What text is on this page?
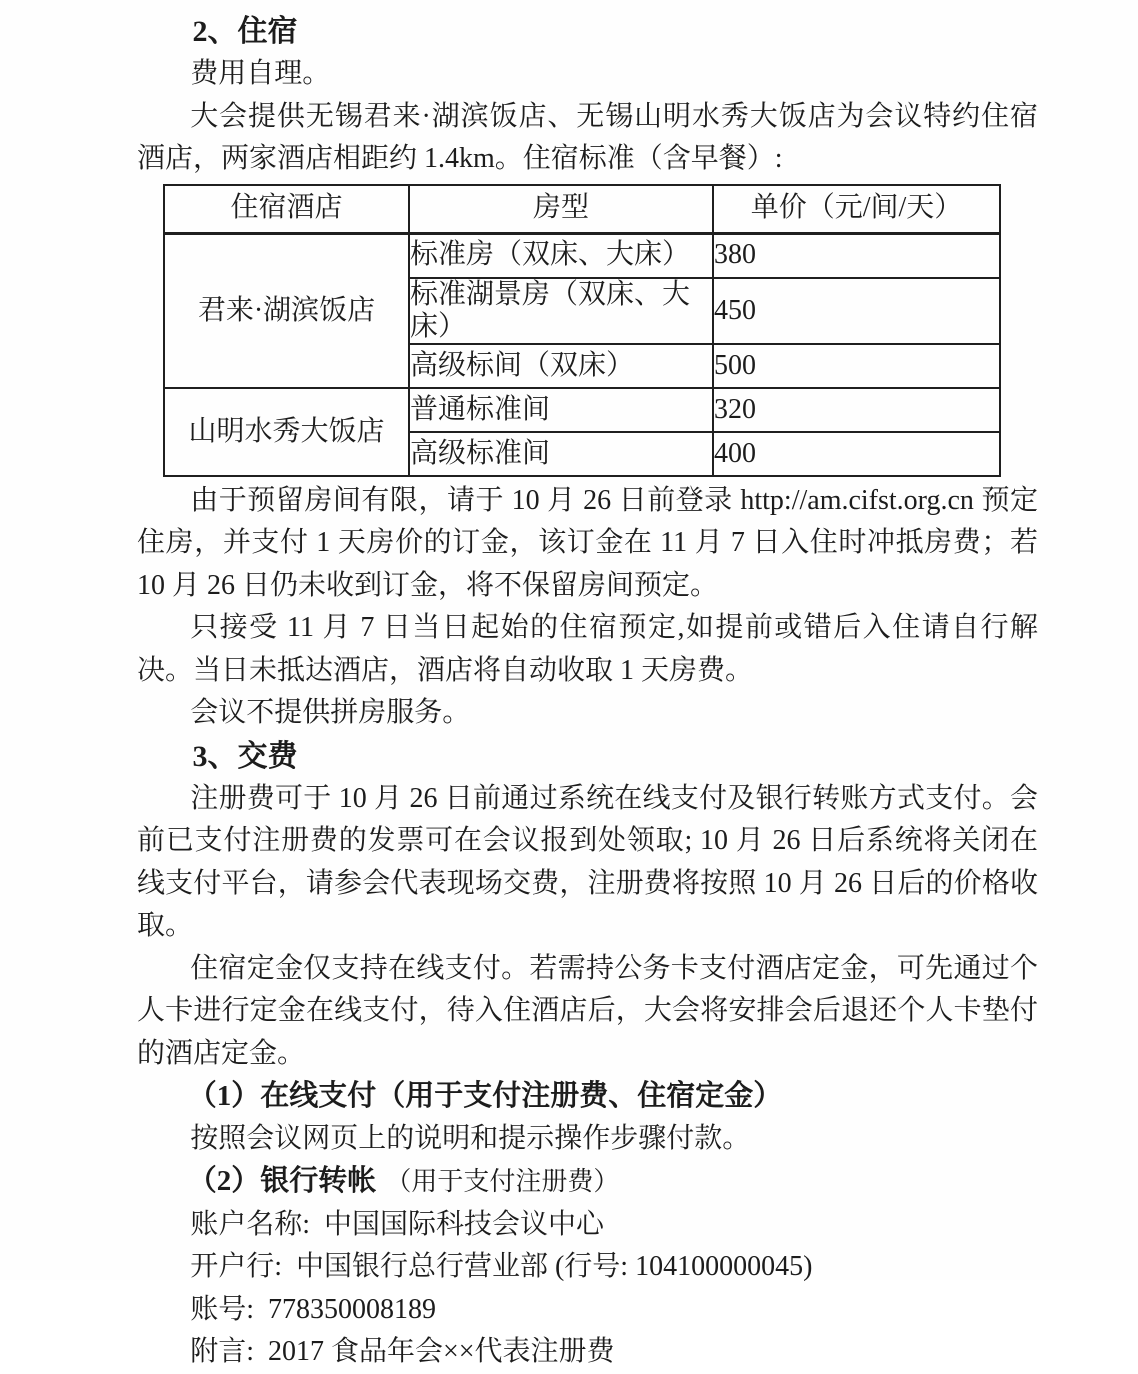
2、住宿

费用自理。

大会提供无锡君来·湖滨饭店、无锡山明水秀大饭店为会议特约住宿酒店，两家酒店相距约 1.4km。住宿标准（含早餐）:

住宿酒店	房型	单价（元/间/天）
君来·湖滨饭店	标准房（双床、大床）	380
	标准湖景房（双床、大床）	450
	高级标间（双床）	500
山明水秀大饭店	普通标准间	320
	高级标准间	400

由于预留房间有限，请于 10 月 26 日前登录 http://am.cifst.org.cn 预定住房，并支付 1 天房价的订金，该订金在 11 月 7 日入住时冲抵房费；若 10 月 26 日仍未收到订金，将不保留房间预定。

只接受 11 月 7 日当日起始的住宿预定,如提前或错后入住请自行解决。当日未抵达酒店，酒店将自动收取 1 天房费。

会议不提供拼房服务。

3、交费

注册费可于 10 月 26 日前通过系统在线支付及银行转账方式支付。会前已支付注册费的发票可在会议报到处领取; 10 月 26 日后系统将关闭在线支付平台，请参会代表现场交费，注册费将按照 10 月 26 日后的价格收取。

住宿定金仅支持在线支付。若需持公务卡支付酒店定金，可先通过个人卡进行定金在线支付，待入住酒店后，大会将安排会后退还个人卡垫付的酒店定金。

（1）在线支付（用于支付注册费、住宿定金）

按照会议网页上的说明和提示操作步骤付款。

（2）银行转帐 （用于支付注册费）

账户名称: 中国国际科技会议中心

开户行: 中国银行总行营业部 (行号: 104100000045)

账号: 778350008189

附言: 2017 食品年会××代表注册费
